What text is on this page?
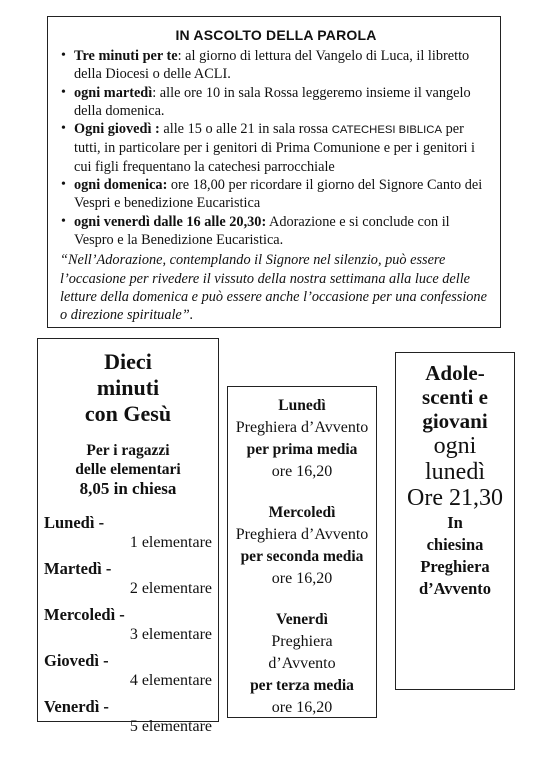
IN ASCOLTO DELLA PAROLA
• Tre minuti per te: al giorno di lettura del Vangelo di Luca, il libretto della Diocesi o delle ACLI.
• ogni martedì: alle ore 10 in sala Rossa leggeremo insieme il vangelo della domenica.
• Ogni giovedì : alle 15 o alle 21 in sala rossa CATECHESI BIBLICA per tutti, in particolare per i genitori di Prima Comunione e per i genitori i cui figli frequentano la catechesi parrocchiale
• ogni domenica: ore 18,00 per ricordare il giorno del Signore Canto dei Vespri e benedizione Eucaristica
• ogni venerdì dalle 16 alle 20,30: Adorazione e si conclude con il Vespro e la Benedizione Eucaristica.
“Nell’Adorazione, contemplando il Signore nel silenzio, può essere l’occasione per rivedere il vissuto della nostra settimana alla luce delle letture della domenica e può essere anche l’occasione per una confessione o direzione spirituale”.
Dieci
minuti
con Gesù
Per i ragazzi
delle elementari
8,05 in chiesa
Lunedì -
1 elementare
Martedì -
2 elementare
Mercoledì -
3 elementare
Giovedì -
4 elementare
Venerdì -
5 elementare
Lunedì
Preghiera d’Avvento
per prima media
ore 16,20
Mercoledì
Preghiera d’Avvento
per seconda media
ore 16,20
Venerdì
Preghiera
d’Avvento
per terza media
ore 16,20
Adole-
scenti e
giovani
ogni
lunedì
Ore 21,30
In
chiesina
Preghiera
d’Avvento
